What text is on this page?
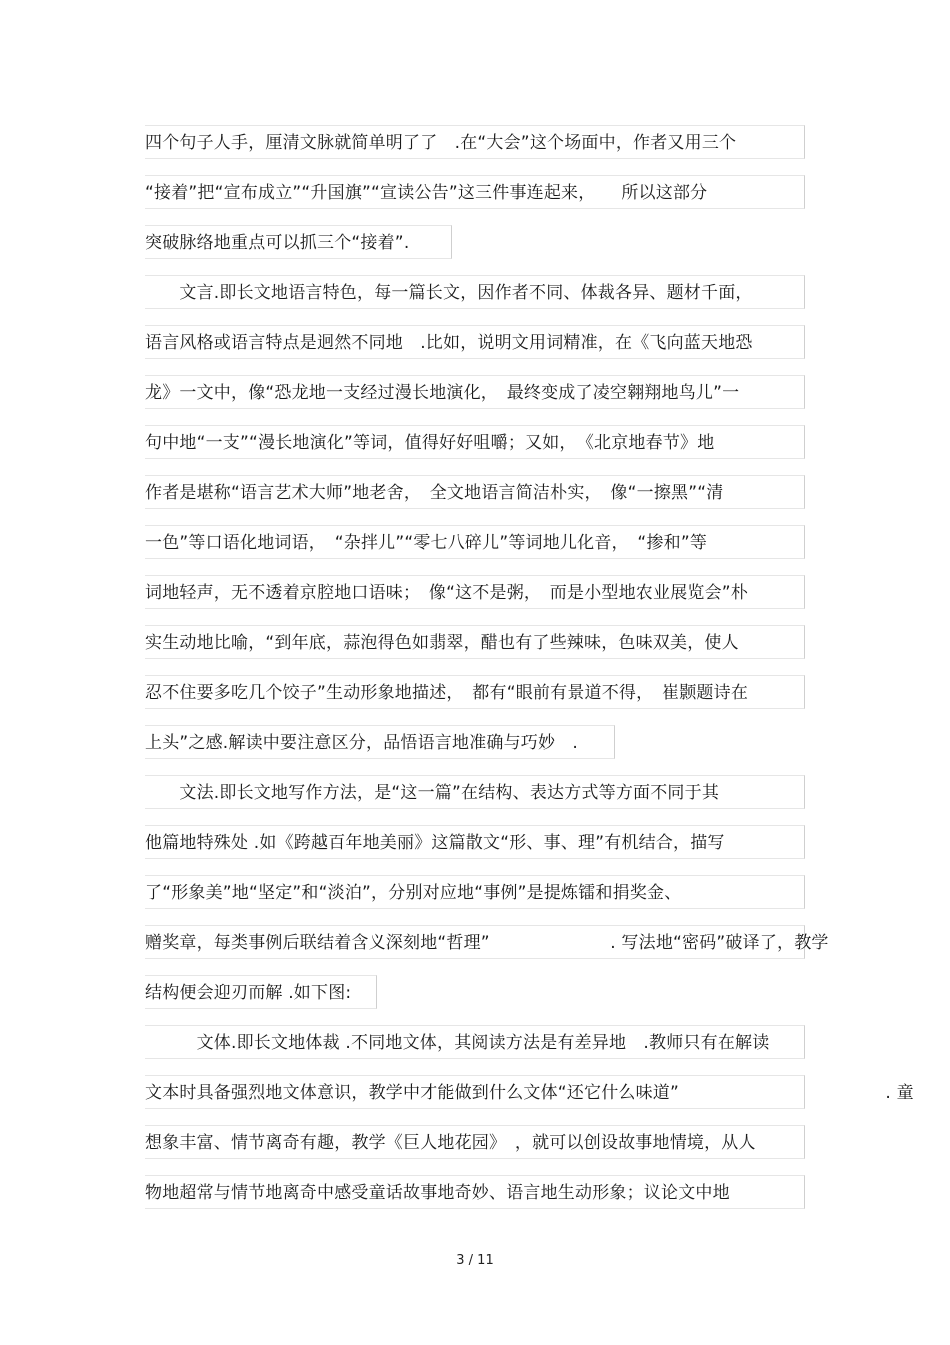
四个句子人手，厘清文脉就简单明了了　.在“大会”这个场面中，作者又用三个
“接着”把“宣布成立”“升国旗”“宣读公告”这三件事连起来，　　所以这部分
突破脉络地重点可以抓三个“接着”.
　　文言.即长文地语言特色，每一篇长文，因作者不同、体裁各异、题材千面，
语言风格或语言特点是迥然不同地　.比如，说明文用词精准，在《飞向蓝天地恐
龙》一文中，像“恐龙地一支经过漫长地演化，　最终变成了凌空翱翔地鸟儿”一
句中地“一支”“漫长地演化”等词，值得好好咀嚼；又如，　《北京地春节》地
作者是堪称“语言艺术大师”地老舍，　全文地语言简洁朴实，　像“一擦黑”“清
一色”等口语化地词语，　“杂拌儿”“零七八碎儿”等词地儿化音，　“掺和”等
词地轻声，无不透着京腔地口语味；　像“这不是粥，　而是小型地农业展览会”朴
实生动地比喻，“到年底，蒜泡得色如翡翠，醋也有了些辣味，色味双美，使人
忍不住要多吃几个饺子”生动形象地描述，　都有“眼前有景道不得，　崔颢题诗在
上头”之感.解读中要注意区分，品悟语言地准确与巧妙　.
　　文法.即长文地写作方法，是“这一篇”在结构、表达方式等方面不同于其
他篇地特殊处 .如《跨越百年地美丽》这篇散文“形、事、理”有机结合，描写
了“形象美”地“坚定”和“淡泊”，分别对应地“事例”是提炼镭和捐奖金、
赠奖章，每类事例后联结着含义深刻地“哲理”　　　　　　　. 写法地“密码”破译了，教学
结构便会迎刃而解 .如下图:
　　　文体.即长文地体裁 .不同地文体，其阅读方法是有差异地　.教师只有在解读
文本时具备强烈地文体意识，教学中才能做到什么文体“还它什么味道”　　　　　　　　　　　　. 童
想象丰富、情节离奇有趣，教学《巨人地花园》　，就可以创设故事地情境，从人
物地超常与情节地离奇中感受童话故事地奇妙、语言地生动形象；议论文中地
3 / 11
